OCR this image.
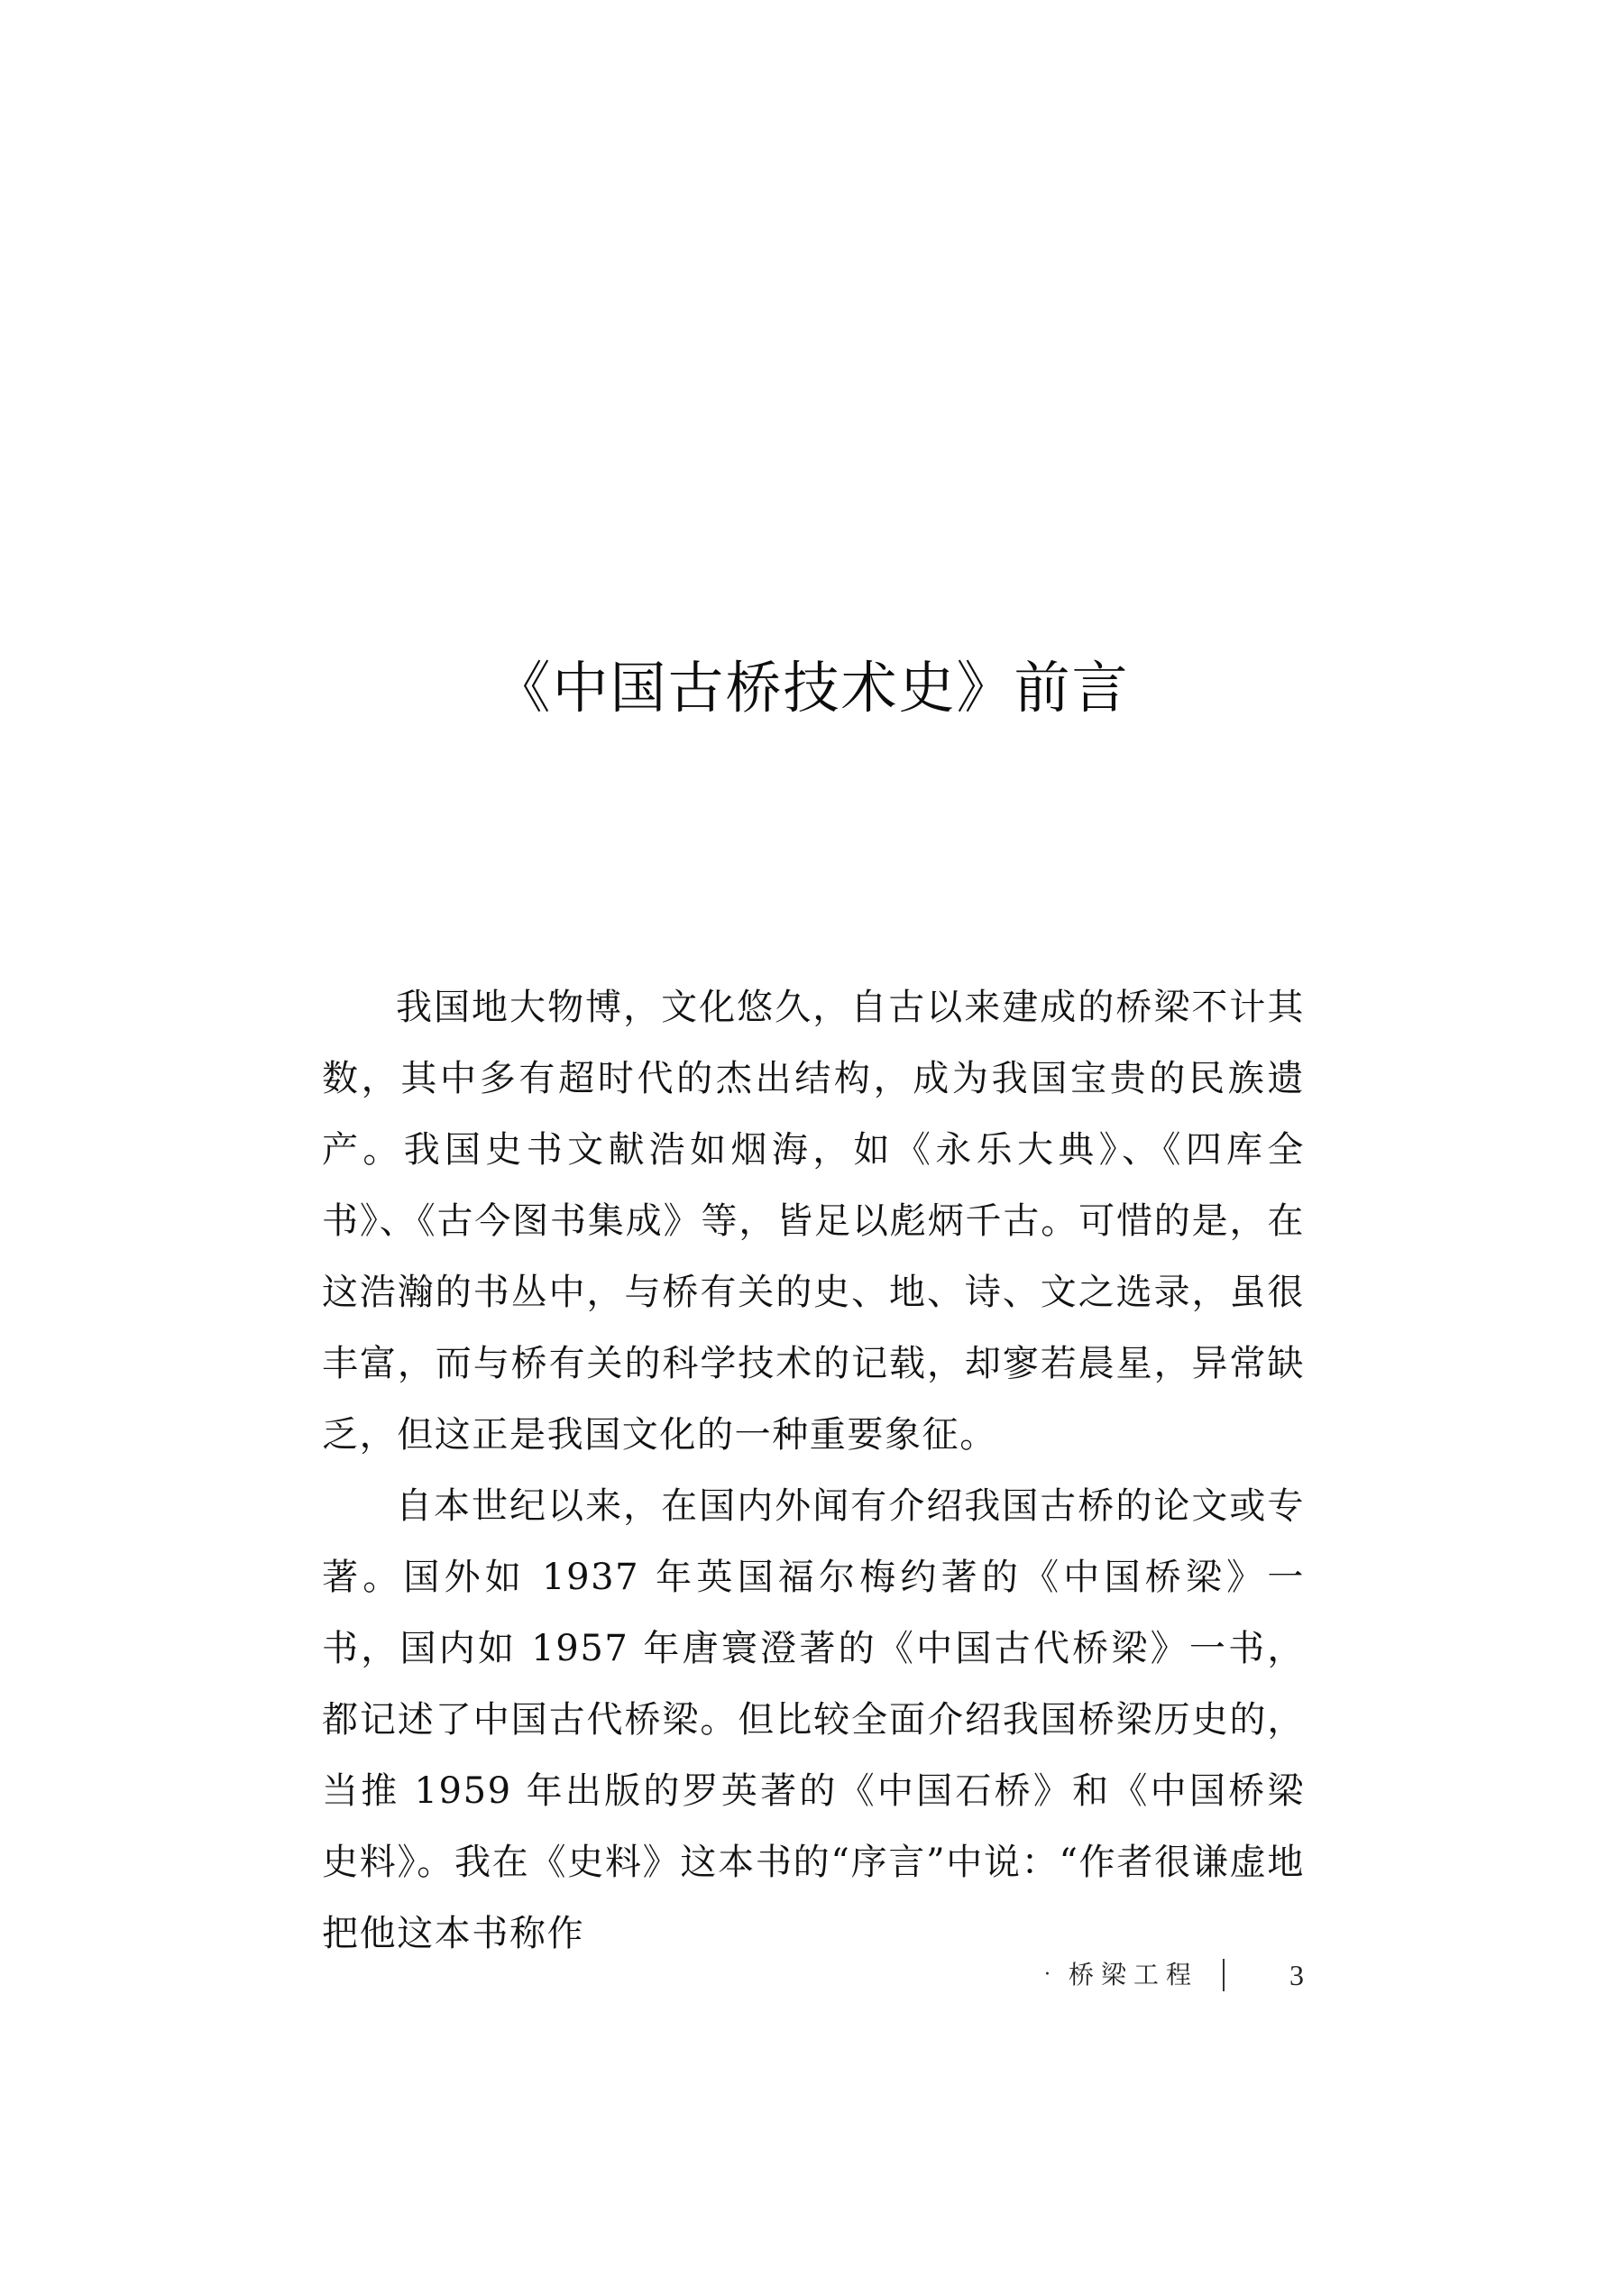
《中国古桥技术史》前言

我国地大物博，文化悠久，自古以来建成的桥梁不计其数，其中多有超时代的杰出结构，成为我国宝贵的民族遗产。我国史书文献浩如烟海，如《永乐大典》、《四库全书》、《古今图书集成》等，皆足以彪炳千古。可惜的是，在这浩瀚的书丛中，与桥有关的史、地、诗、文之选录，虽很丰富，而与桥有关的科学技术的记载，却寥若晨星，异常缺乏，但这正是我国文化的一种重要象征。

自本世纪以来，在国内外闻有介绍我国古桥的论文或专著。国外如 1937 年英国福尔梅约著的《中国桥梁》一书，国内如 1957 年唐寰澄著的《中国古代桥梁》一书，都记述了中国古代桥梁。但比较全面介绍我国桥梁历史的，当推 1959 年出版的罗英著的《中国石桥》和《中国桥梁史料》。我在《史料》这本书的“序言”中说：“作者很谦虚地把他这本书称作

· 桥梁工程	3
